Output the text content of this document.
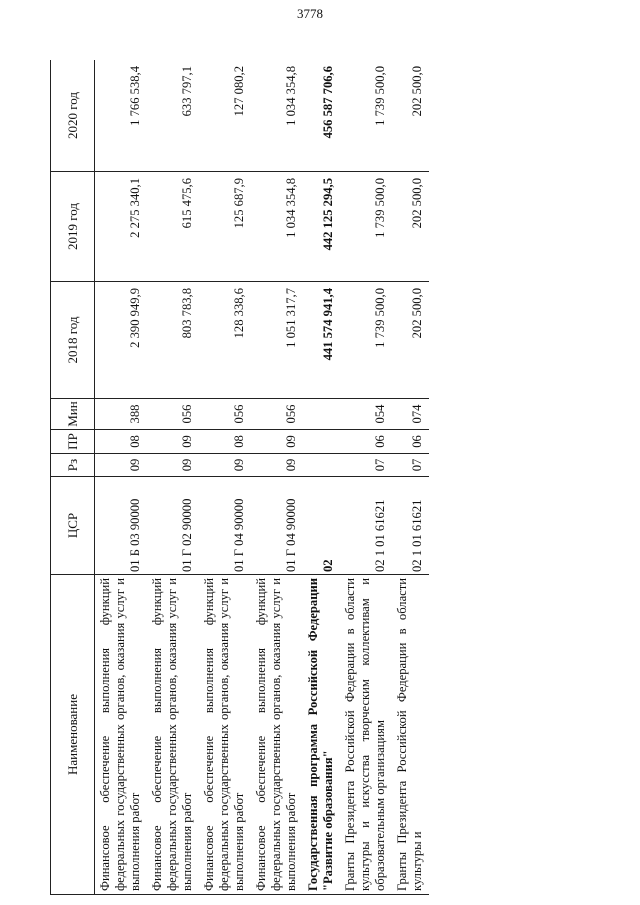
3778
Наименование	ЦСР	Рз	ПР	Мин	2018 год	2019 год	2020 год
Финансовое обеспечение выполнения функций федеральных государственных органов, оказания услуг и выполнения работ	01 Б 03 90000	09	08	388	2 390 949,9	2 275 340,1	1 766 538,4
Финансовое обеспечение выполнения функций федеральных государственных органов, оказания услуг и выполнения работ	01 Г 02 90000	09	09	056	803 783,8	615 475,6	633 797,1
Финансовое обеспечение выполнения функций федеральных государственных органов, оказания услуг и выполнения работ	01 Г 04 90000	09	08	056	128 338,6	125 687,9	127 080,2
Финансовое обеспечение выполнения функций федеральных государственных органов, оказания услуг и выполнения работ	01 Г 04 90000	09	09	056	1 051 317,7	1 034 354,8	1 034 354,8
Государственная программа Российской Федерации "Развитие образования"	02				441 574 941,4	442 125 294,5	456 587 706,6
Гранты Президента Российской Федерации в области культуры и искусства творческим коллективам и образовательным организациям	02 1 01 61621	07	06	054	1 739 500,0	1 739 500,0	1 739 500,0
Гранты Президента Российской Федерации в области культуры и	02 1 01 61621	07	06	074	202 500,0	202 500,0	202 500,0
